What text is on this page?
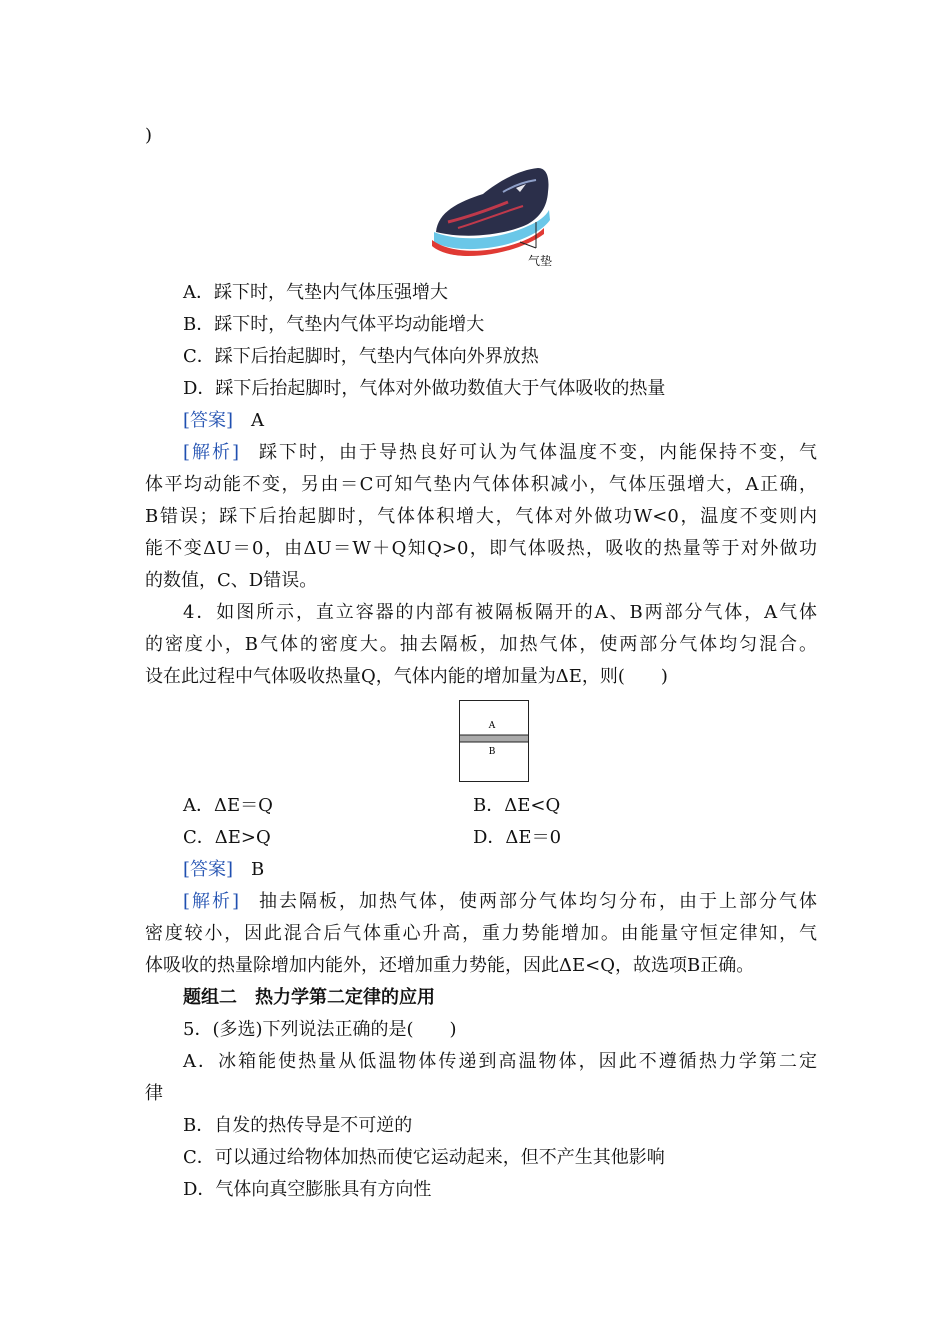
)
气垫
A．踩下时，气垫内气体压强增大
B．踩下时，气垫内气体平均动能增大
C．踩下后抬起脚时，气垫内气体向外界放热
D．踩下后抬起脚时，气体对外做功数值大于气体吸收的热量
[答案]  A
[解析]  踩下时，由于导热良好可认为气体温度不变，内能保持不变，气
体平均动能不变，另由＝C可知气垫内气体体积减小，气体压强增大，A正确，
B错误；踩下后抬起脚时，气体体积增大，气体对外做功W<0，温度不变则内
能不变ΔU＝0，由ΔU＝W＋Q知Q>0，即气体吸热，吸收的热量等于对外做功
的数值，C、D错误。
4．如图所示，直立容器的内部有被隔板隔开的A、B两部分气体，A气体
的密度小，B气体的密度大。抽去隔板，加热气体，使两部分气体均匀混合。
设在此过程中气体吸收热量Q，气体内能的增加量为ΔE，则(　　)
A
B
A．ΔE＝Q	B．ΔE<Q
C．ΔE>Q	D．ΔE＝0
[答案]  B
[解析]  抽去隔板，加热气体，使两部分气体均匀分布，由于上部分气体
密度较小，因此混合后气体重心升高，重力势能增加。由能量守恒定律知，气
体吸收的热量除增加内能外，还增加重力势能，因此ΔE<Q，故选项B正确。
题组二　热力学第二定律的应用
5．(多选)下列说法正确的是(　　)
A．冰箱能使热量从低温物体传递到高温物体，因此不遵循热力学第二定
律
B．自发的热传导是不可逆的
C．可以通过给物体加热而使它运动起来，但不产生其他影响
D．气体向真空膨胀具有方向性
